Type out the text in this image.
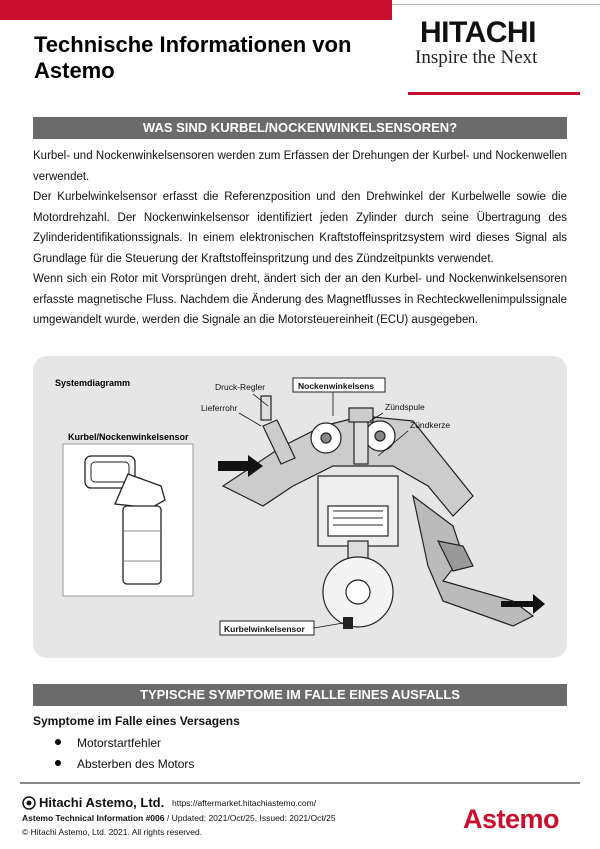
Technische Informationen von Astemo
HITACHI
Inspire the Next
WAS SIND KURBEL/NOCKENWINKELSENSOREN?

Kurbel- und Nockenwinkelsensoren werden zum Erfassen der Drehungen der Kurbel- und Nockenwellen verwendet.

Der Kurbelwinkelsensor erfasst die Referenzposition und den Drehwinkel der Kurbelwelle sowie die Motordrehzahl. Der Nockenwinkelsensor identifiziert jeden Zylinder durch seine Übertragung des Zylinderidentifikationssignals. In einem elektronischen Kraftstoffeinspritzsystem wird dieses Signal als Grundlage für die Steuerung der Kraftstoffeinspritzung und des Zündzeitpunkts verwendet.

Wenn sich ein Rotor mit Vorsprüngen dreht, ändert sich der an den Kurbel- und Nockenwinkelsensoren erfasste magnetische Fluss. Nachdem die Änderung des Magnetflusses in Rechteckwellenimpulssignale umgewandelt wurde, werden die Signale an die Motorsteuereinheit (ECU) ausgegeben.

Systemdiagramm
Kurbel/Nockenwinkelsensor
Druck-Regler
Lieferrohr
Nockenwinkelsens
Zündspule
Zündkerze
Kurbelwinkelsensor
TYPISCHE SYMPTOME IM FALLE EINES AUSFALLS
Symptome im Falle eines Versagens
Motorstartfehler
Absterben des Motors
Hitachi Astemo, Ltd. https://aftermarket.hitachiastemo.com/
Astemo Technical Information #006 / Updated: 2021/Oct/25, Issued: 2021/Oct/25
© Hitachi Astemo, Ltd. 2021. All rights reserved.	Astemo
